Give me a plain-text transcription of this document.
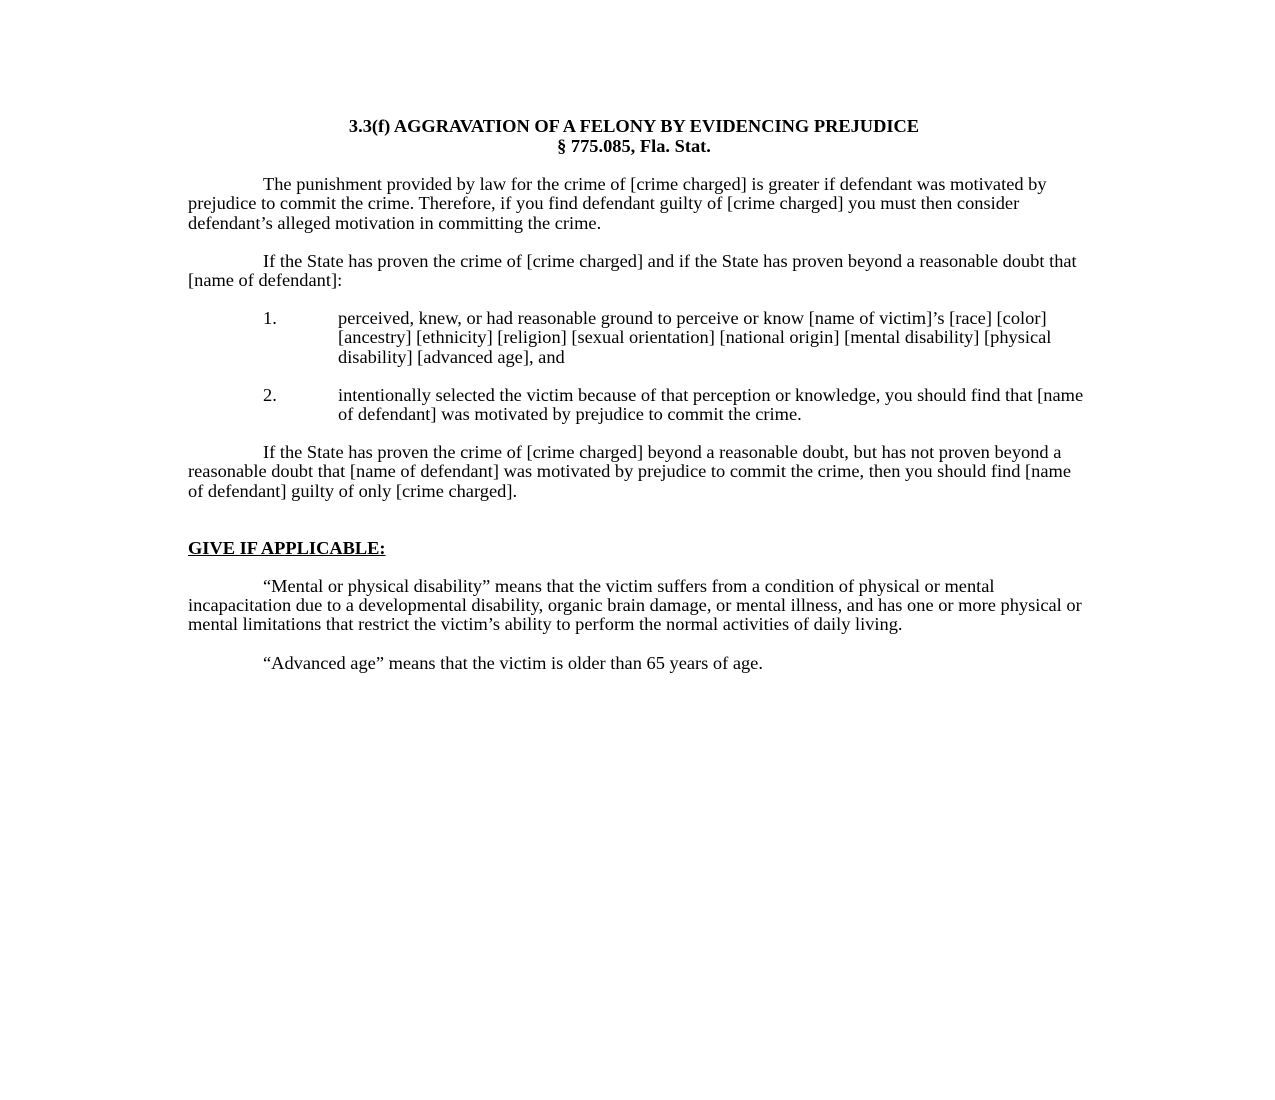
3.3(f) AGGRAVATION OF A FELONY BY EVIDENCING PREJUDICE
§ 775.085, Fla. Stat.

The punishment provided by law for the crime of [crime charged] is greater if defendant was motivated by prejudice to commit the crime. Therefore, if you find defendant guilty of [crime charged] you must then consider defendant’s alleged motivation in committing the crime.

If the State has proven the crime of [crime charged] and if the State has proven beyond a reasonable doubt that [name of defendant]:

1.	perceived, knew, or had reasonable ground to perceive or know [name of victim]’s [race] [color] [ancestry] [ethnicity] [religion] [sexual orientation] [national origin] [mental disability] [physical disability] [advanced age], and
2.	intentionally selected the victim because of that perception or knowledge, you should find that [name of defendant] was motivated by prejudice to commit the crime.

If the State has proven the crime of [crime charged] beyond a reasonable doubt, but has not proven beyond a reasonable doubt that [name of defendant] was motivated by prejudice to commit the crime, then you should find [name of defendant] guilty of only [crime charged].

GIVE IF APPLICABLE:

“Mental or physical disability” means that the victim suffers from a condition of physical or mental incapacitation due to a developmental disability, organic brain damage, or mental illness, and has one or more physical or mental limitations that restrict the victim’s ability to perform the normal activities of daily living.

“Advanced age” means that the victim is older than 65 years of age.
